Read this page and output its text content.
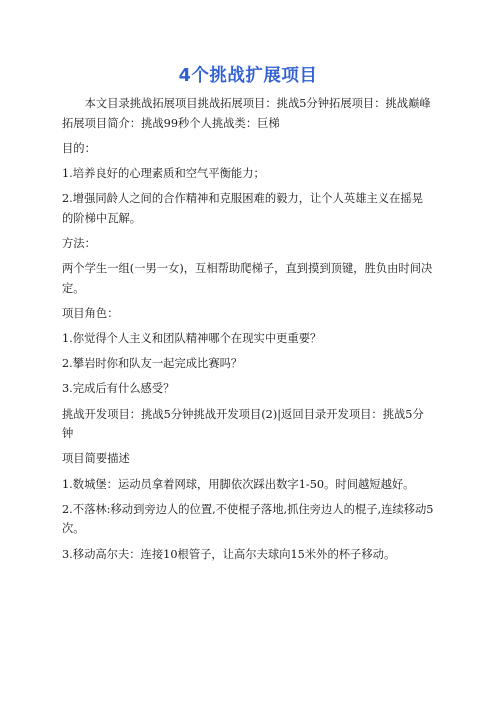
4个挑战扩展项目

本文目录挑战拓展项目挑战拓展项目：挑战5分钟拓展项目：挑战巅峰拓展项目简介：挑战99秒个人挑战类：巨梯

目的：

1.培养良好的心理素质和空气平衡能力；

2.增强同龄人之间的合作精神和克服困难的毅力，让个人英雄主义在摇晃的阶梯中瓦解。

方法：

两个学生一组(一男一女)，互相帮助爬梯子，直到摸到顶键，胜负由时间决定。

项目角色：

1.你觉得个人主义和团队精神哪个在现实中更重要？

2.攀岩时你和队友一起完成比赛吗？

3.完成后有什么感受？

挑战开发项目：挑战5分钟挑战开发项目(2)|返回目录开发项目：挑战5分钟

项目简要描述

1.数城堡：运动员拿着网球，用脚依次踩出数字1-50。时间越短越好。

2.不落林:移动到旁边人的位置,不使棍子落地,抓住旁边人的棍子,连续移动5次。

3.移动高尔夫：连接10根管子，让高尔夫球向15米外的杯子移动。
